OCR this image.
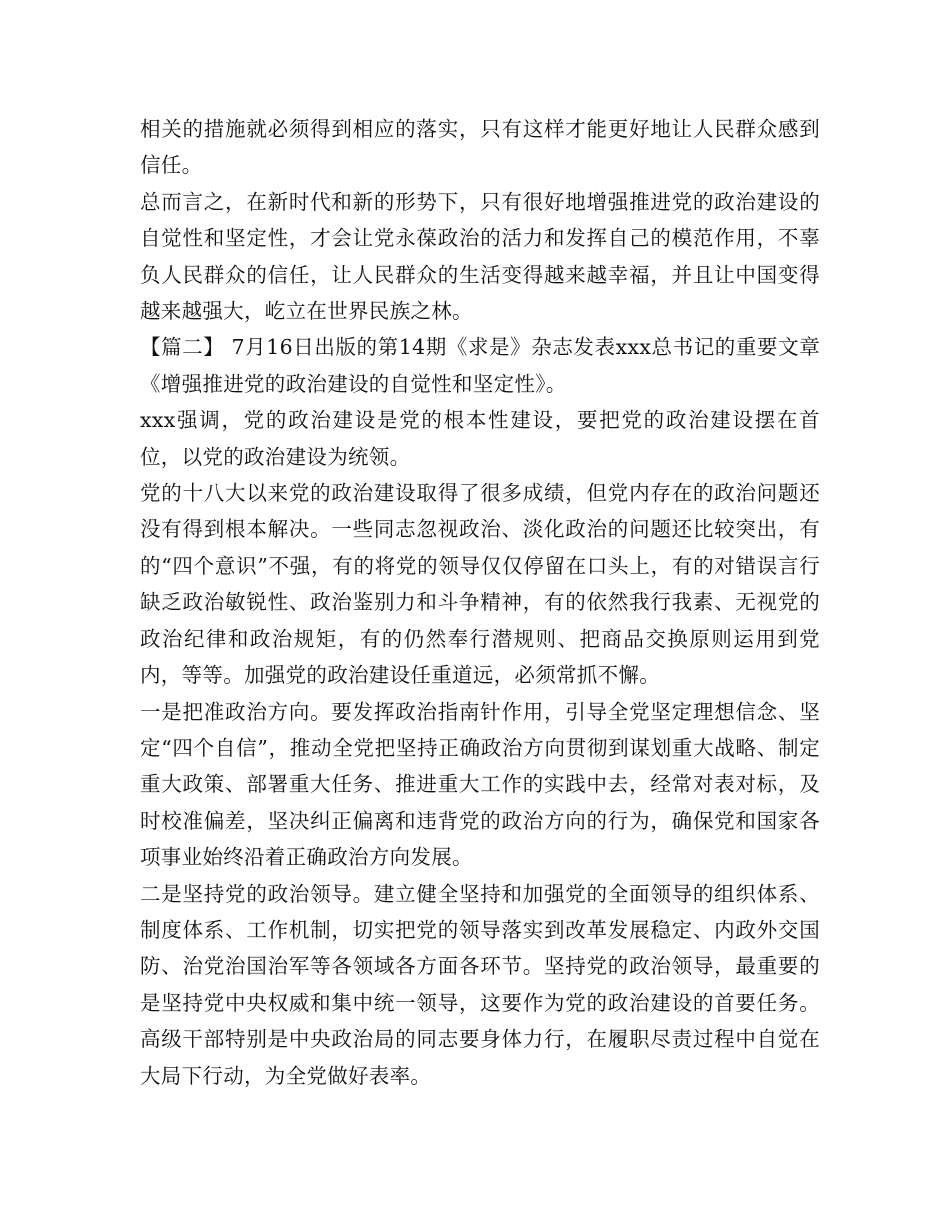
相关的措施就必须得到相应的落实，只有这样才能更好地让人民群众感到信任。

总而言之，在新时代和新的形势下，只有很好地增强推进党的政治建设的自觉性和坚定性，才会让党永葆政治的活力和发挥自己的模范作用，不辜负人民群众的信任，让人民群众的生活变得越来越幸福，并且让中国变得越来越强大，屹立在世界民族之林。

【篇二】 7月16日出版的第14期《求是》杂志发表xxx总书记的重要文章《增强推进党的政治建设的自觉性和坚定性》。

xxx强调，党的政治建设是党的根本性建设，要把党的政治建设摆在首位，以党的政治建设为统领。

党的十八大以来党的政治建设取得了很多成绩，但党内存在的政治问题还没有得到根本解决。一些同志忽视政治、淡化政治的问题还比较突出，有的“四个意识”不强，有的将党的领导仅仅停留在口头上，有的对错误言行缺乏政治敏锐性、政治鉴别力和斗争精神，有的依然我行我素、无视党的政治纪律和政治规矩，有的仍然奉行潜规则、把商品交换原则运用到党内，等等。加强党的政治建设任重道远，必须常抓不懈。

一是把准政治方向。要发挥政治指南针作用，引导全党坚定理想信念、坚定“四个自信”，推动全党把坚持正确政治方向贯彻到谋划重大战略、制定重大政策、部署重大任务、推进重大工作的实践中去，经常对表对标，及时校准偏差，坚决纠正偏离和违背党的政治方向的行为，确保党和国家各项事业始终沿着正确政治方向发展。

二是坚持党的政治领导。建立健全坚持和加强党的全面领导的组织体系、制度体系、工作机制，切实把党的领导落实到改革发展稳定、内政外交国防、治党治国治军等各领域各方面各环节。坚持党的政治领导，最重要的是坚持党中央权威和集中统一领导，这要作为党的政治建设的首要任务。高级干部特别是中央政治局的同志要身体力行，在履职尽责过程中自觉在大局下行动，为全党做好表率。
